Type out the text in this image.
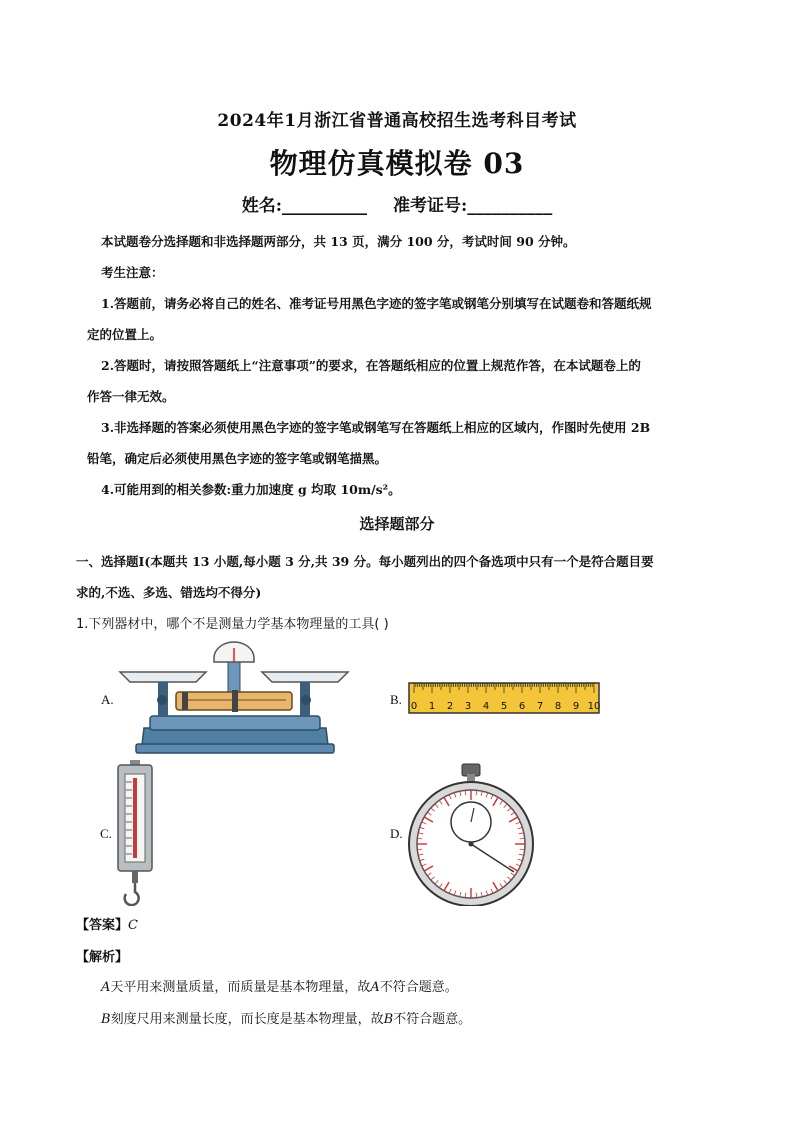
2024年1月浙江省普通高校招生选考科目考试
物理仿真模拟卷 03
姓名:__________ 准考证号:__________
本试题卷分选择题和非选择题两部分，共 13 页，满分 100 分，考试时间 90 分钟。
考生注意：
1.答题前，请务必将自己的姓名、准考证号用黑色字迹的签字笔或钢笔分别填写在试题卷和答题纸规
定的位置上。
2.答题时，请按照答题纸上“注意事项”的要求，在答题纸相应的位置上规范作答，在本试题卷上的
作答一律无效。
3.非选择题的答案必须使用黑色字迹的签字笔或钢笔写在答题纸上相应的区域内，作图时先使用 2B
铅笔，确定后必须使用黑色字迹的签字笔或钢笔描黑。
4.可能用到的相关参数:重力加速度 g 均取 10m/s²。
选择题部分
一、选择题Ⅰ(本题共 13 小题,每小题 3 分,共 39 分。每小题列出的四个备选项中只有一个是符合题目要
求的,不选、多选、错选均不得分)
1.下列器材中，哪个不是测量力学基本物理量的工具( )
A.	B. 0 1 2 3 4 5 6 7 8 9 10
C.	D.
【答案】C
【解析】
A天平用来测量质量，而质量是基本物理量，故A不符合题意。
B刻度尺用来测量长度，而长度是基本物理量，故B不符合题意。
